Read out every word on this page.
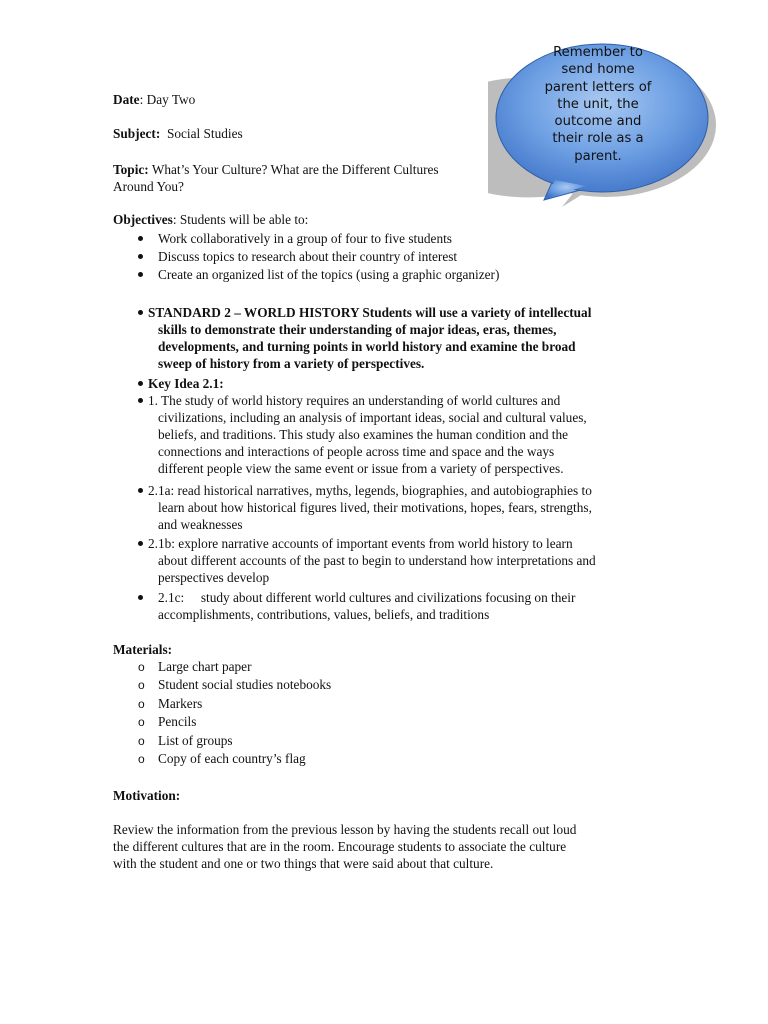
Remember to
send home
parent letters of
the unit, the
outcome and
their role as a
parent.
Date: Day Two
Subject: Social Studies
Topic: What’s Your Culture? What are the Different Cultures
Around You?
Objectives: Students will be able to:
Work collaboratively in a group of four to five students
Discuss topics to research about their country of interest
Create an organized list of the topics (using a graphic organizer)
STANDARD 2 – WORLD HISTORY Students will use a variety of intellectual
skills to demonstrate their understanding of major ideas, eras, themes,
developments, and turning points in world history and examine the broad
sweep of history from a variety of perspectives.
Key Idea 2.1:
1. The study of world history requires an understanding of world cultures and
civilizations, including an analysis of important ideas, social and cultural values,
beliefs, and traditions. This study also examines the human condition and the
connections and interactions of people across time and space and the ways
different people view the same event or issue from a variety of perspectives.
2.1a: read historical narratives, myths, legends, biographies, and autobiographies to
learn about how historical figures lived, their motivations, hopes, fears, strengths,
and weaknesses
2.1b: explore narrative accounts of important events from world history to learn
about different accounts of the past to begin to understand how interpretations and
perspectives develop
2.1c:     study about different world cultures and civilizations focusing on their
accomplishments, contributions, values, beliefs, and traditions
Materials:
o Large chart paper
o Student social studies notebooks
o Markers
o Pencils
o List of groups
o Copy of each country’s flag
Motivation:
Review the information from the previous lesson by having the students recall out loud
the different cultures that are in the room. Encourage students to associate the culture
with the student and one or two things that were said about that culture.
